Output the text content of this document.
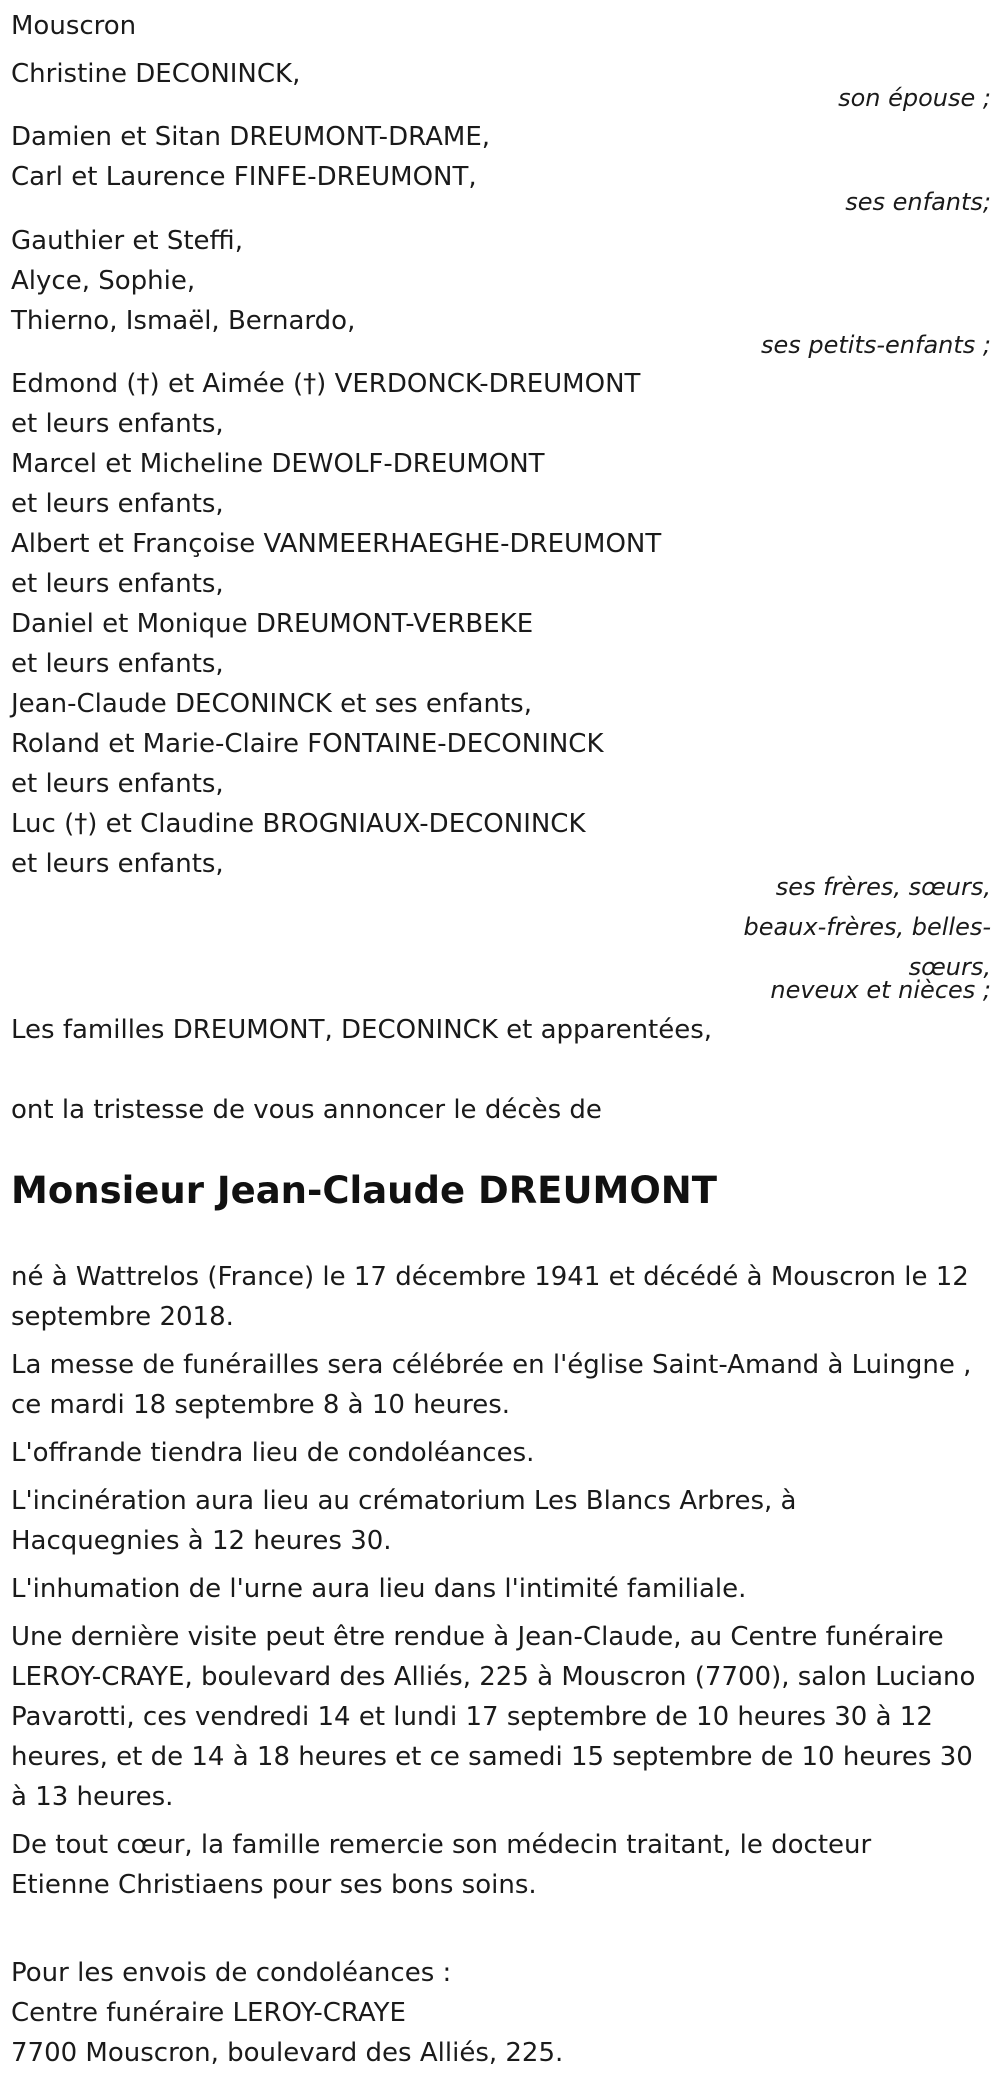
Mouscron
Christine DECONINCK,
son épouse ;
Damien et Sitan DREUMONT-DRAME,
Carl et Laurence FINFE-DREUMONT,
ses enfants;
Gauthier et Steffi,
Alyce, Sophie,
Thierno, Ismaël, Bernardo,
ses petits-enfants ;
Edmond (†) et Aimée (†) VERDONCK-DREUMONT
et leurs enfants,
Marcel et Micheline DEWOLF-DREUMONT
et leurs enfants,
Albert et Françoise VANMEERHAEGHE-DREUMONT
et leurs enfants,
Daniel et Monique DREUMONT-VERBEKE
et leurs enfants,
Jean-Claude DECONINCK et ses enfants,
Roland et Marie-Claire FONTAINE-DECONINCK
et leurs enfants,
Luc (†) et Claudine BROGNIAUX-DECONINCK
et leurs enfants,
ses frères, sœurs,
beaux-frères, belles-
sœurs,
neveux et nièces ;
Les familles DREUMONT, DECONINCK et apparentées,
ont la tristesse de vous annoncer le décès de
Monsieur Jean-Claude DREUMONT
né à Wattrelos (France) le 17 décembre 1941 et décédé à Mouscron le 12
septembre 2018.
La messe de funérailles sera célébrée en l'église Saint-Amand à Luingne ,
ce mardi 18 septembre 8 à 10 heures.
L'offrande tiendra lieu de condoléances.
L'incinération aura lieu au crématorium Les Blancs Arbres, à
Hacquegnies à 12 heures 30.
L'inhumation de l'urne aura lieu dans l'intimité familiale.
Une dernière visite peut être rendue à Jean-Claude, au Centre funéraire
LEROY-CRAYE, boulevard des Alliés, 225 à Mouscron (7700), salon Luciano
Pavarotti, ces vendredi 14 et lundi 17 septembre de 10 heures 30 à 12
heures, et de 14 à 18 heures et ce samedi 15 septembre de 10 heures 30
à 13 heures.
De tout cœur, la famille remercie son médecin traitant, le docteur
Etienne Christiaens pour ses bons soins.
Pour les envois de condoléances :
Centre funéraire LEROY-CRAYE
7700 Mouscron, boulevard des Alliés, 225.
